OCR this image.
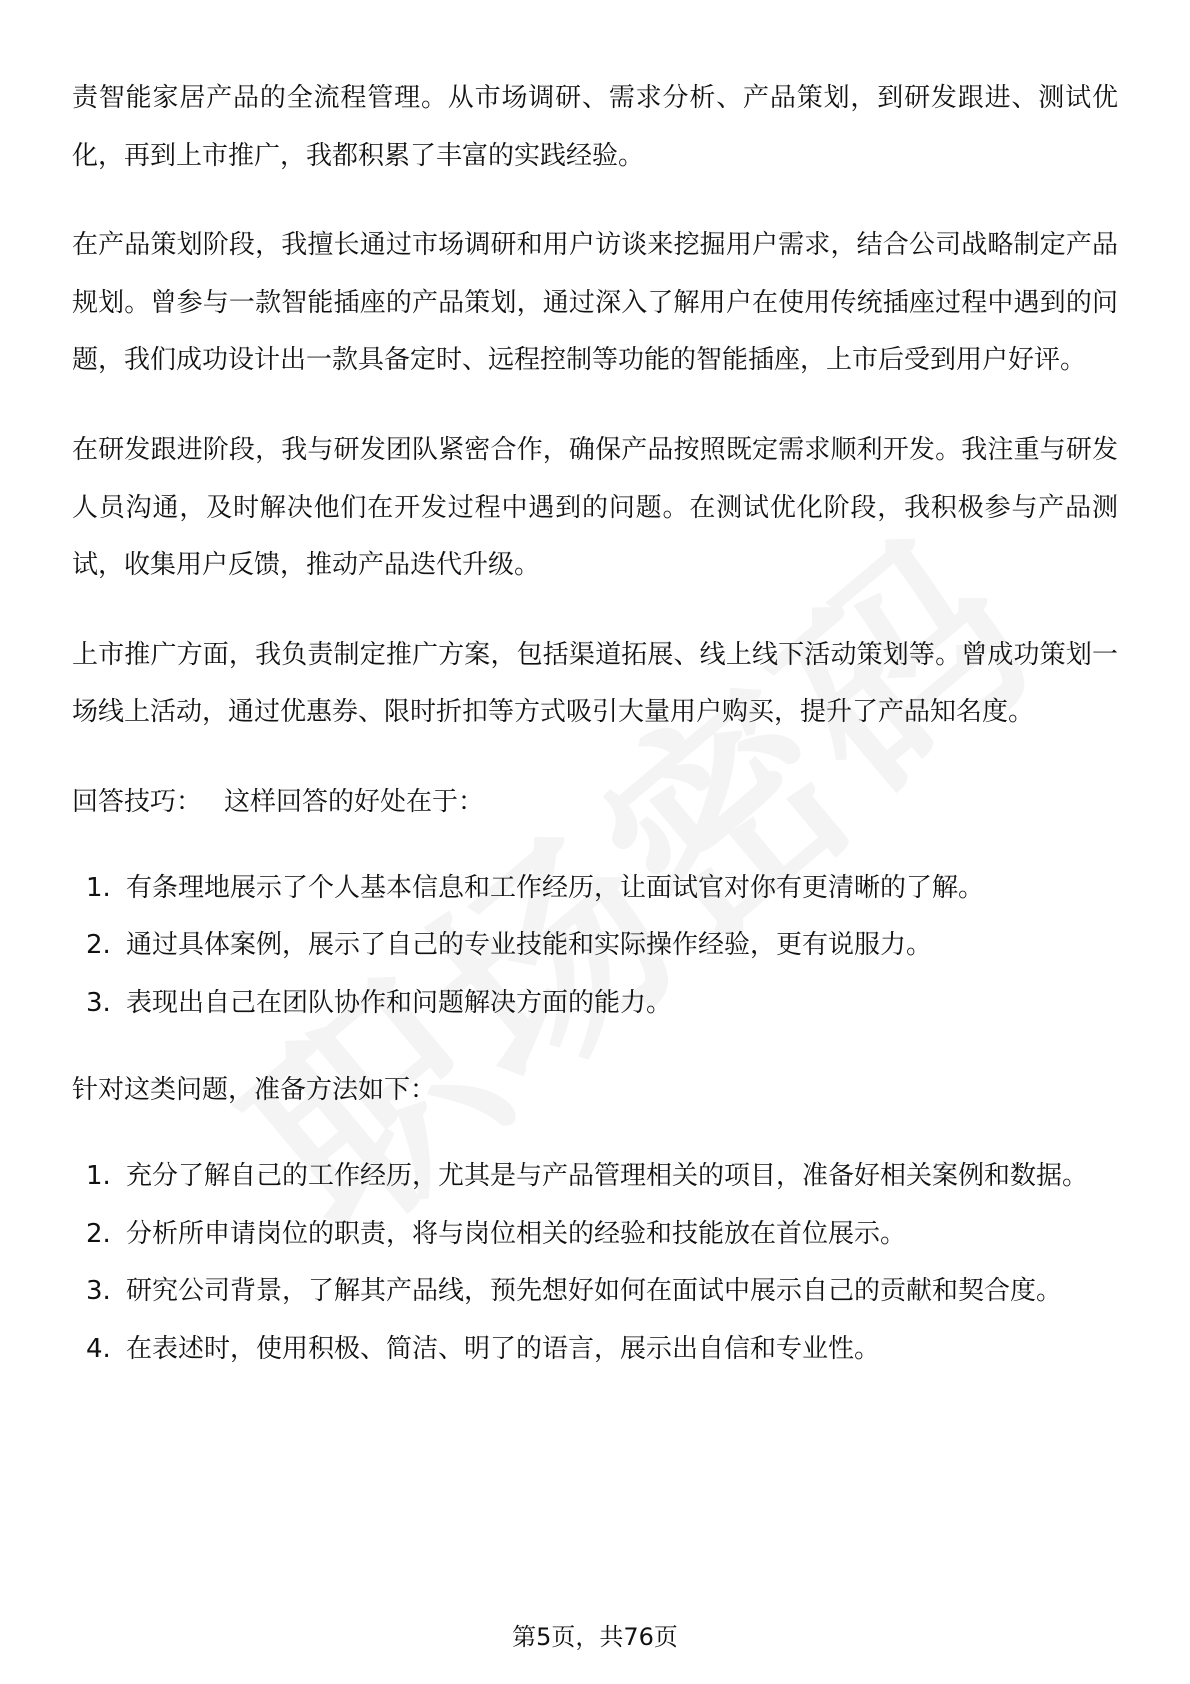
责智能家居产品的全流程管理。从市场调研、需求分析、产品策划，到研发跟进、测试优化，再到上市推广，我都积累了丰富的实践经验。

在产品策划阶段，我擅长通过市场调研和用户访谈来挖掘用户需求，结合公司战略制定产品规划。曾参与一款智能插座的产品策划，通过深入了解用户在使用传统插座过程中遇到的问题，我们成功设计出一款具备定时、远程控制等功能的智能插座，上市后受到用户好评。

在研发跟进阶段，我与研发团队紧密合作，确保产品按照既定需求顺利开发。我注重与研发人员沟通，及时解决他们在开发过程中遇到的问题。在测试优化阶段，我积极参与产品测试，收集用户反馈，推动产品迭代升级。

上市推广方面，我负责制定推广方案，包括渠道拓展、线上线下活动策划等。曾成功策划一场线上活动，通过优惠券、限时折扣等方式吸引大量用户购买，提升了产品知名度。

回答技巧： 这样回答的好处在于：
1. 有条理地展示了个人基本信息和工作经历，让面试官对你有更清晰的了解。
2. 通过具体案例，展示了自己的专业技能和实际操作经验，更有说服力。
3. 表现出自己在团队协作和问题解决方面的能力。
针对这类问题，准备方法如下：
1. 充分了解自己的工作经历，尤其是与产品管理相关的项目，准备好相关案例和数据。
2. 分析所申请岗位的职责，将与岗位相关的经验和技能放在首位展示。
3. 研究公司背景，了解其产品线，预先想好如何在面试中展示自己的贡献和契合度。
4. 在表述时，使用积极、简洁、明了的语言，展示出自信和专业性。
第5页，共76页
